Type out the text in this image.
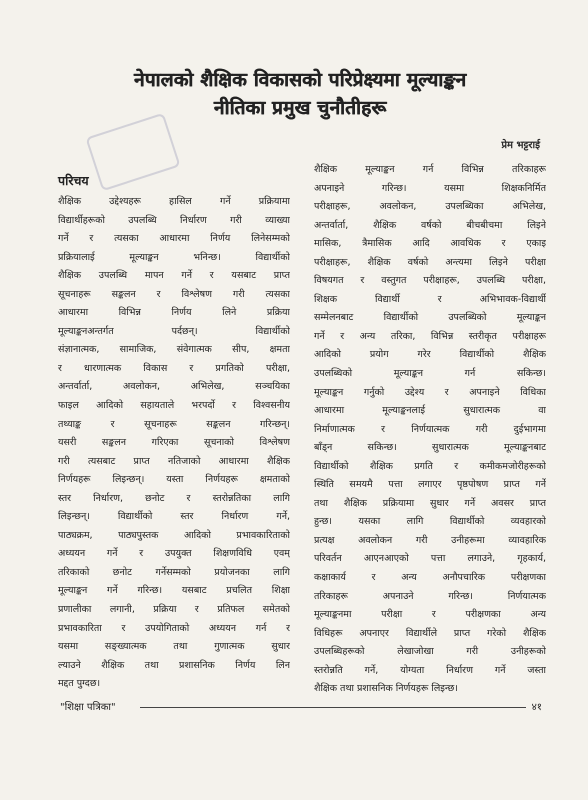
नेपालको शैक्षिक विकासको परिप्रेक्ष्यमा मूल्याङ्कन
नीतिका प्रमुख चुनौतीहरू
प्रेम भट्टराई
परिचय
शैक्षिक उद्देश्यहरू हासिल गर्ने प्रक्रियामा
विद्यार्थीहरूको उपलब्धि निर्धारण गरी व्याख्या
गर्ने र त्यसका आधारमा निर्णय लिनेसम्मको
प्रक्रियालाई मूल्याङ्कन भनिन्छ। विद्यार्थीको
शैक्षिक उपलब्धि मापन गर्ने र यसबाट प्राप्त
सूचनाहरू सङ्कलन र विश्लेषण गरी त्यसका
आधारमा विभिन्न निर्णय लिने प्रक्रिया
मूल्याङ्कनअन्तर्गत पर्दछन्। विद्यार्थीको
संज्ञानात्मक, सामाजिक, संवेगात्मक सीप, क्षमता
र धारणात्मक विकास र प्रगतिको परीक्षा,
अन्तर्वार्ता, अवलोकन, अभिलेख, सञ्चयिका
फाइल आदिको सहायताले भरपर्दो र विश्वसनीय
तथ्याङ्क र सूचनाहरू सङ्कलन गरिन्छन्।
यसरी सङ्कलन गरिएका सूचनाको विश्लेषण
गरी त्यसबाट प्राप्त नतिजाको आधारमा शैक्षिक
निर्णयहरू लिइन्छन्। यस्ता निर्णयहरू क्षमताको
स्तर निर्धारण, छनोट र स्तरोन्नतिका लागि
लिइन्छन्। विद्यार्थीको स्तर निर्धारण गर्ने,
पाठ्यक्रम, पाठ्यपुस्तक आदिको प्रभावकारिताको
अध्ययन गर्ने र उपयुक्त शिक्षणविधि एवम्
तरिकाको छनोट गर्नेसम्मको प्रयोजनका लागि
मूल्याङ्कन गर्ने गरिन्छ। यसबाट प्रचलित शिक्षा
प्रणालीका लगानी, प्रक्रिया र प्रतिफल समेतको
प्रभावकारिता र उपयोगिताको अध्ययन गर्न र
यसमा सङ्ख्यात्मक तथा गुणात्मक सुधार
ल्याउने शैक्षिक तथा प्रशासनिक निर्णय लिन
मद्दत पुग्दछ।
शैक्षिक मूल्याङ्कन गर्न विभिन्न तरिकाहरू
अपनाइने गरिन्छ। यसमा शिक्षकनिर्मित
परीक्षाहरू, अवलोकन, उपलब्धिका अभिलेख,
अन्तर्वार्ता, शैक्षिक वर्षको बीचबीचमा लिइने
मासिक, त्रैमासिक आदि आवधिक र एकाइ
परीक्षाहरू, शैक्षिक वर्षको अन्त्यमा लिइने परीक्षा
विषयगत र वस्तुगत परीक्षाहरू, उपलब्धि परीक्षा,
शिक्षक विद्यार्थी र अभिभावक-विद्यार्थी
सम्मेलनबाट विद्यार्थीको उपलब्धिको मूल्याङ्कन
गर्ने र अन्य तरिका, विभिन्न स्तरीकृत परीक्षाहरू
आदिको प्रयोग गरेर विद्यार्थीको शैक्षिक
उपलब्धिको मूल्याङ्कन गर्न सकिन्छ।
मूल्याङ्कन गर्नुको उद्देश्य र अपनाइने विधिका
आधारमा मूल्याङ्कनलाई सुधारात्मक वा
निर्माणात्मक र निर्णयात्मक गरी दुईभागमा
बाँड्न सकिन्छ। सुधारात्मक मूल्याङ्कनबाट
विद्यार्थीको शैक्षिक प्रगति र कमीकमजोरीहरूको
स्थिति समयमै पत्ता लगाएर पृष्ठपोषण प्राप्त गर्ने
तथा शैक्षिक प्रक्रियामा सुधार गर्ने अवसर प्राप्त
हुन्छ। यसका लागि विद्यार्थीको व्यवहारको
प्रत्यक्ष अवलोकन गरी उनीहरूमा व्यावहारिक
परिवर्तन आएनआएको पत्ता लगाउने, गृहकार्य,
कक्षाकार्य र अन्य अनौपचारिक परीक्षणका
तरिकाहरू अपनाउने गरिन्छ। निर्णयात्मक
मूल्याङ्कनमा परीक्षा र परीक्षणका अन्य
विधिहरू अपनाएर विद्यार्थीले प्राप्त गरेको शैक्षिक
उपलब्धिहरूको लेखाजोखा गरी उनीहरूको
स्तरोन्नति गर्ने, योग्यता निर्धारण गर्ने जस्ता
शैक्षिक तथा प्रशासनिक निर्णयहरू लिइन्छ।
"शिक्षा पत्रिका"	४१
